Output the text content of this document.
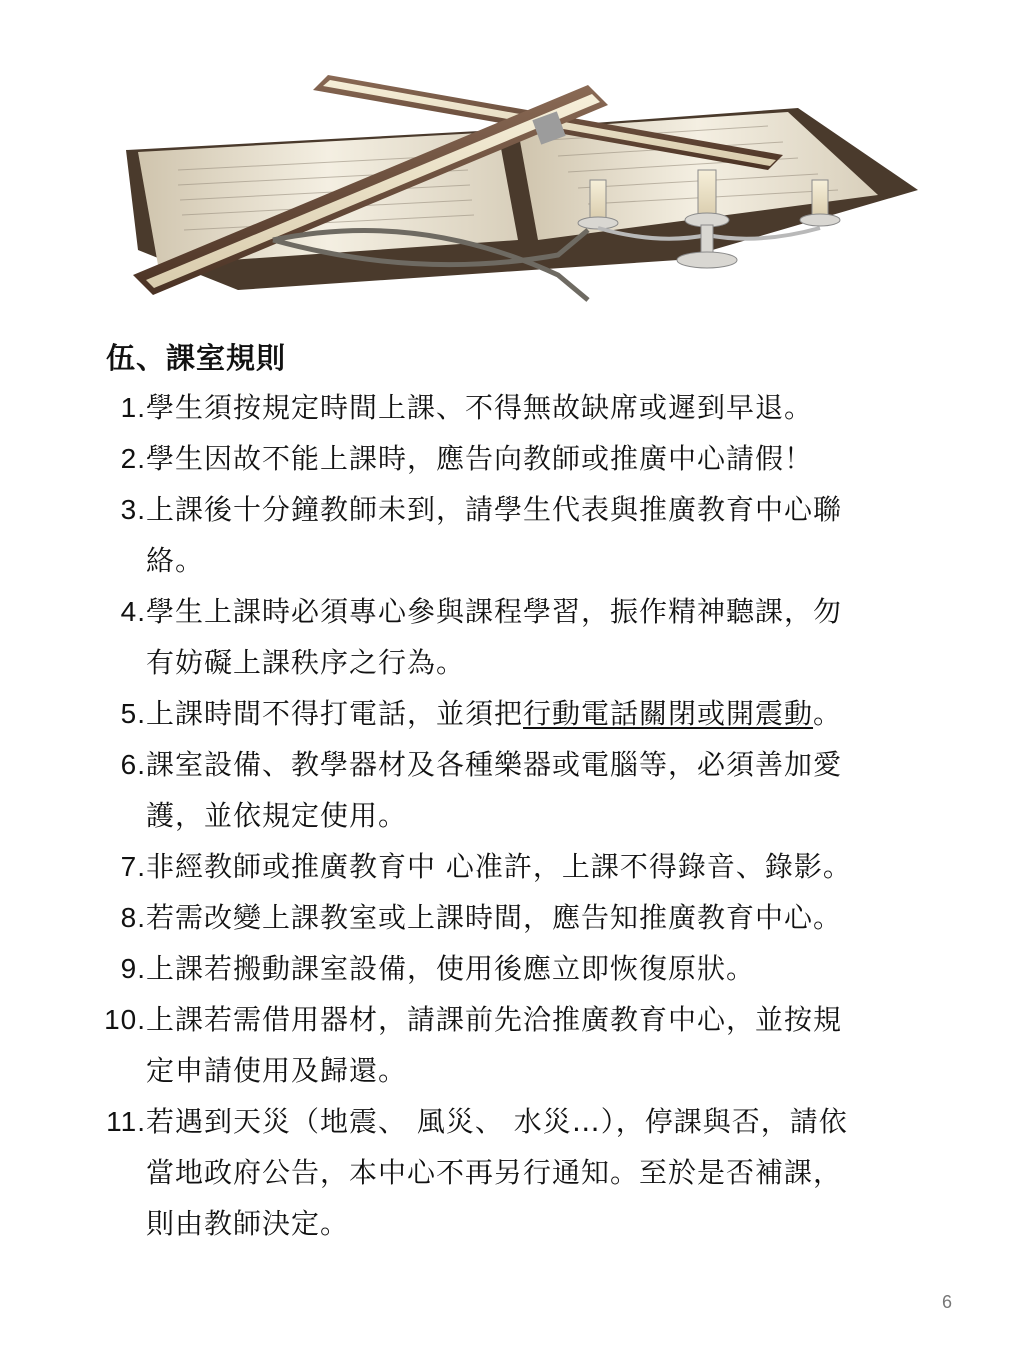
伍、課室規則
1. 學生須按規定時間上課、不得無故缺席或遲到早退。
2. 學生因故不能上課時，應告向教師或推廣中心請假！
3. 上課後十分鐘教師未到，請學生代表與推廣教育中心聯
絡。
4. 學生上課時必須專心參與課程學習，振作精神聽課，勿
有妨礙上課秩序之行為。
5. 上課時間不得打電話，並須把行動電話關閉或開震動。
6. 課室設備、教學器材及各種樂器或電腦等，必須善加愛
護，並依規定使用。
7. 非經教師或推廣教育中 心准許，上課不得錄音、錄影。
8. 若需改變上課教室或上課時間，應告知推廣教育中心。
9. 上課若搬動課室設備，使用後應立即恢復原狀。
10. 上課若需借用器材，請課前先洽推廣教育中心，並按規
定申請使用及歸還。
11. 若遇到天災（地震、 風災、 水災…），停課與否，請依
當地政府公告，本中心不再另行通知。至於是否補課，
則由教師決定。
6
